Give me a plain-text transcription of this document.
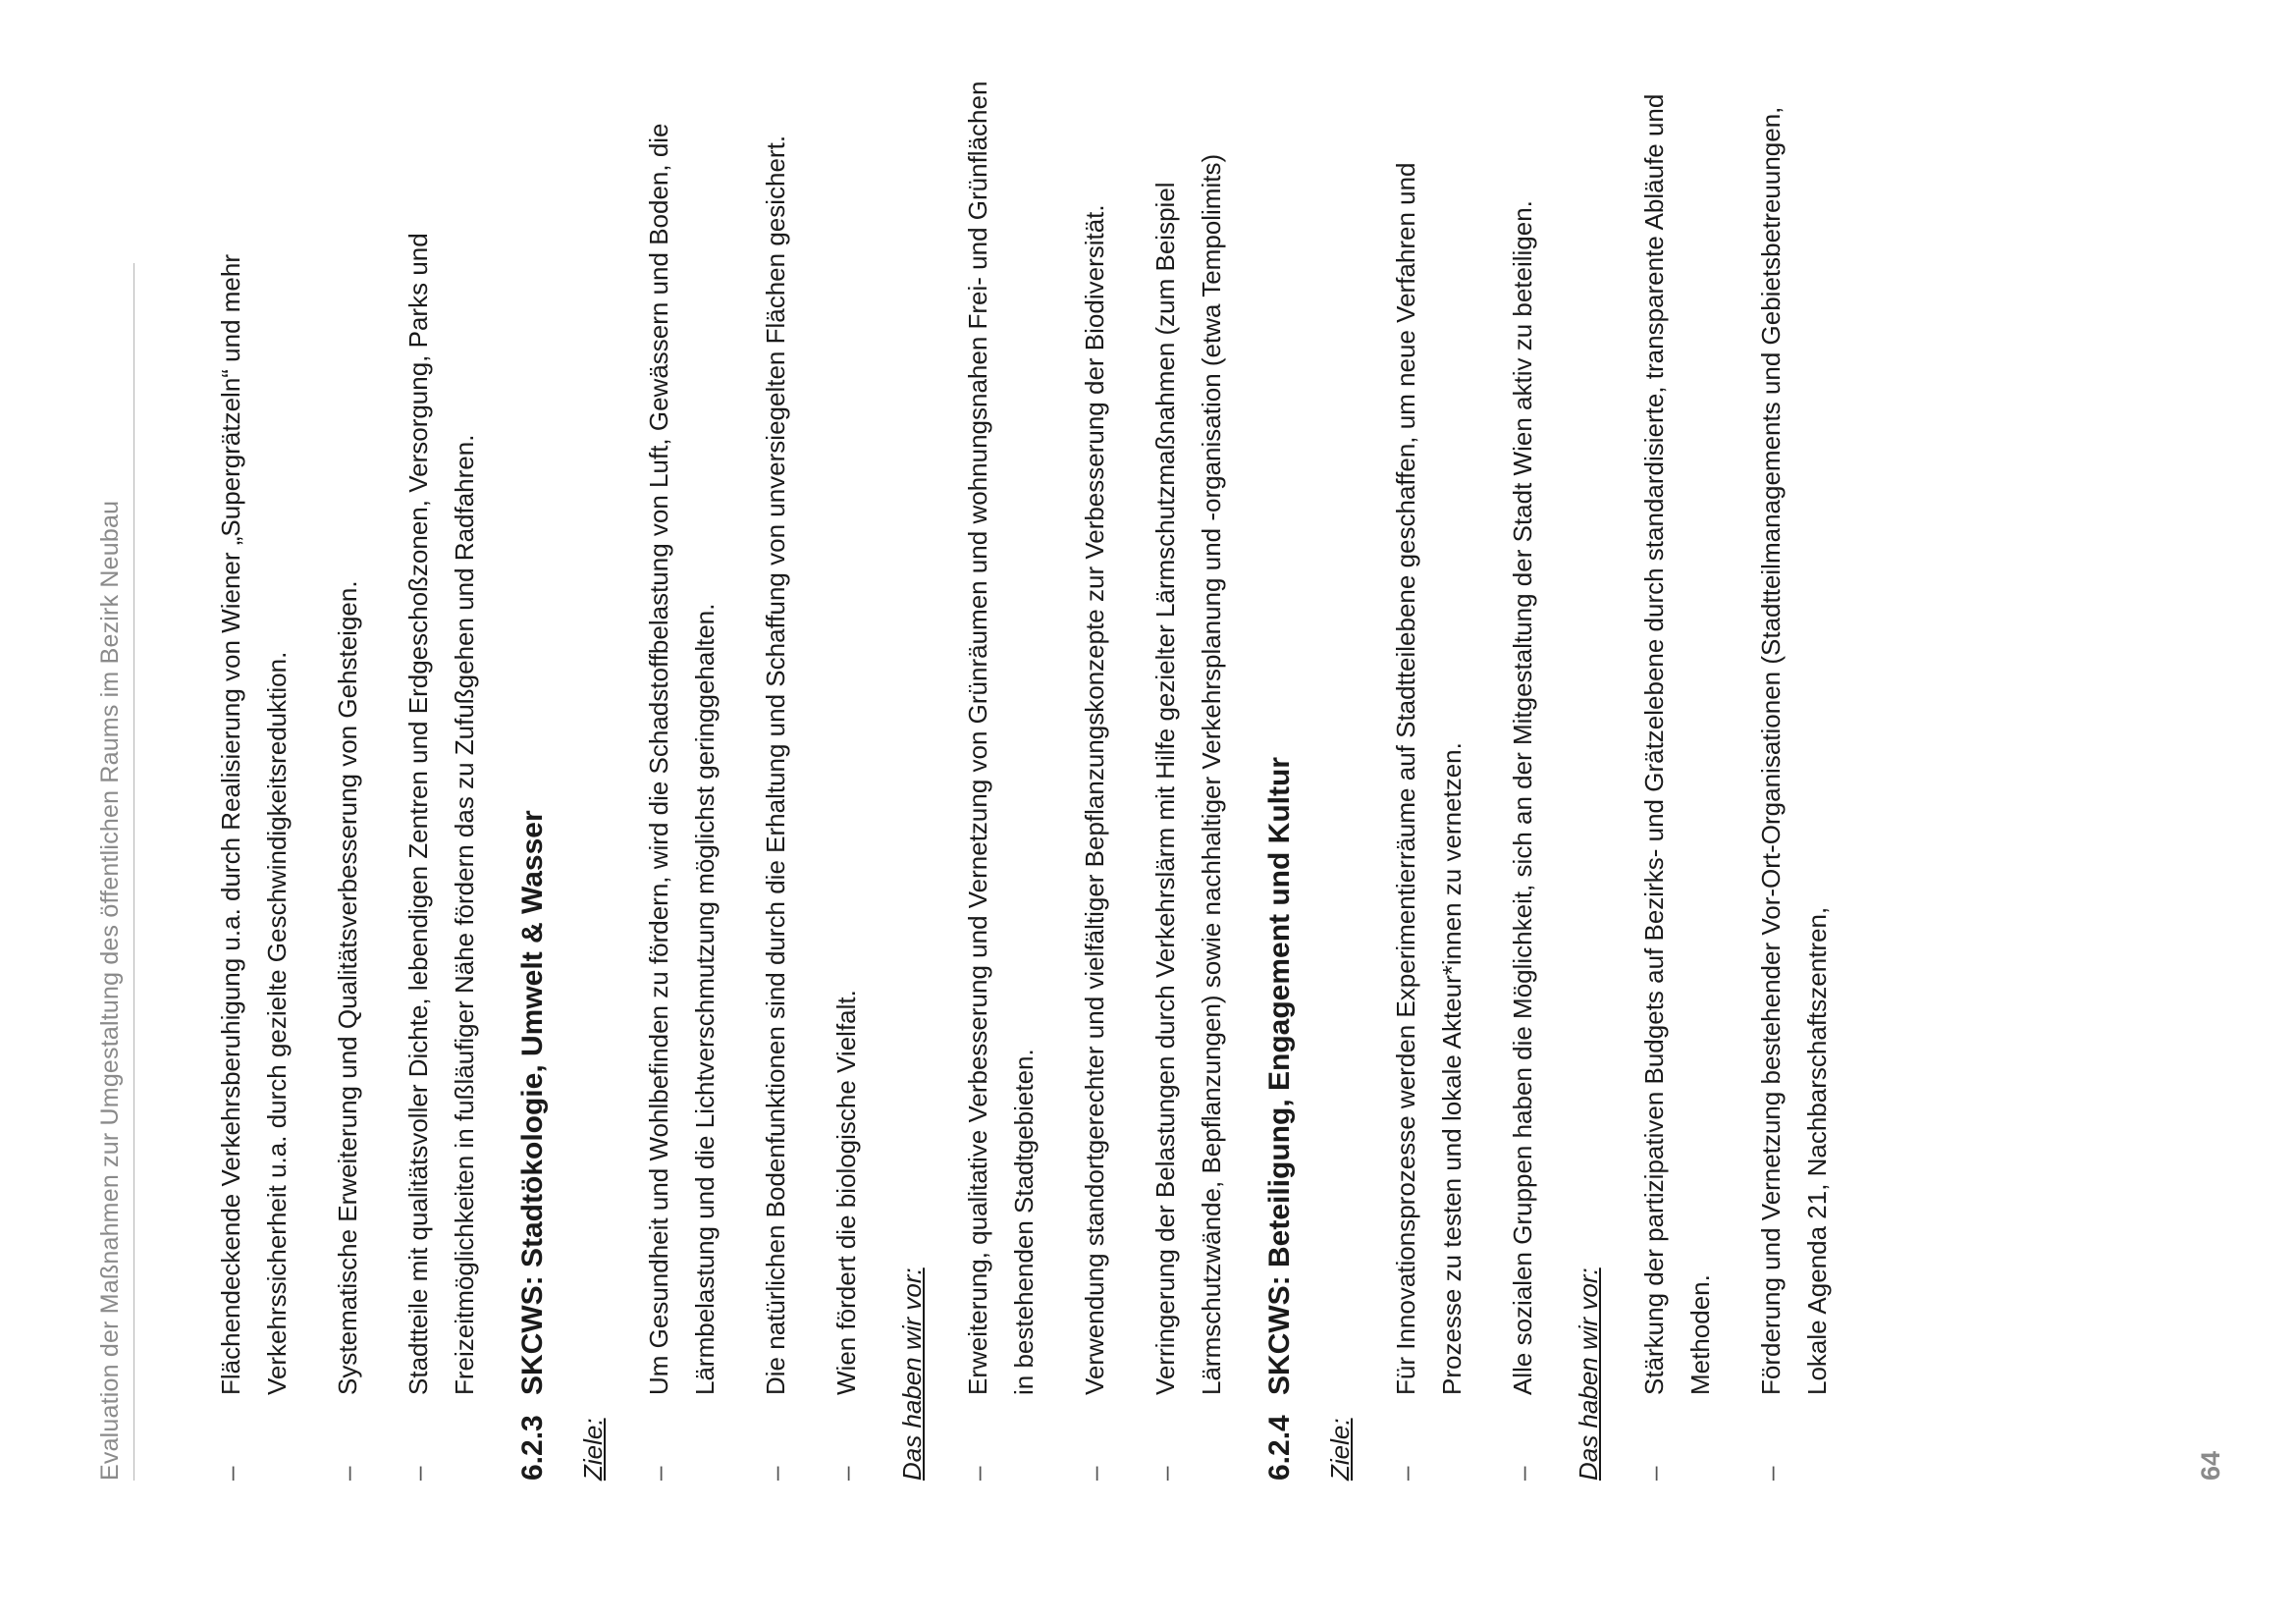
Evaluation der Maßnahmen zur Umgestaltung des öffentlichen Raums im Bezirk Neubau	–
Flächendeckende Verkehrsberuhigung u.a. durch Realisierung von Wiener „Supergrätzeln“ und mehr Verkehrssicherheit u.a. durch gezielte Geschwindigkeitsreduktion.
–
Systematische Erweiterung und Qualitätsverbesserung von Gehsteigen.
–
Stadtteile mit qualitätsvoller Dichte, lebendigen Zentren und Erdgeschoßzonen, Versorgung, Parks und Freizeitmöglichkeiten in fußläufiger Nähe fördern das zu Zufußgehen und Radfahren.
6.2.3
SKCWS: Stadtökologie, Umwelt & Wasser
Ziele:	–
Um Gesundheit und Wohlbefinden zu fördern, wird die Schadstoffbelastung von Luft, Gewässern und Boden, die Lärmbelastung und die Lichtverschmutzung möglichst geringgehalten.
–
Die natürlichen Bodenfunktionen sind durch die Erhaltung und Schaffung von unversiegelten Flächen gesichert.
–
Wien fördert die biologische Vielfalt.	Das haben wir vor:	–
Erweiterung, qualitative Verbesserung und Vernetzung von Grünräumen und wohnungsnahen Frei- und Grünflächen in bestehenden Stadtgebieten.
–
Verwendung standortgerechter und vielfältiger Bepflanzungskonzepte zur Verbesserung der Biodiversität.
–
Verringerung der Belastungen durch Verkehrslärm mit Hilfe gezielter Lärmschutzmaßnahmen (zum Beispiel Lärmschutzwände, Bepflanzungen) sowie nachhaltiger Verkehrsplanung und -organisation (etwa Tempolimits)
6.2.4
SKCWS: Beteiligung, Engagement und Kultur
Ziele:	–
Für Innovationsprozesse werden Experimentierräume auf Stadtteilebene geschaffen, um neue Verfahren und Prozesse zu testen und lokale Akteur*innen zu vernetzen.
–
Alle sozialen Gruppen haben die Möglichkeit, sich an der Mitgestaltung der Stadt Wien aktiv zu beteiligen.	Das haben wir vor:	–
Stärkung der partizipativen Budgets auf Bezirks- und Grätzelebene durch standardisierte, transparente Abläufe und Methoden.
–
Förderung und Vernetzung bestehender Vor-Ort-Organisationen (Stadtteilmanagements und Gebietsbetreuungen, Lokale Agenda 21, Nachbarschaftszentren,
64
